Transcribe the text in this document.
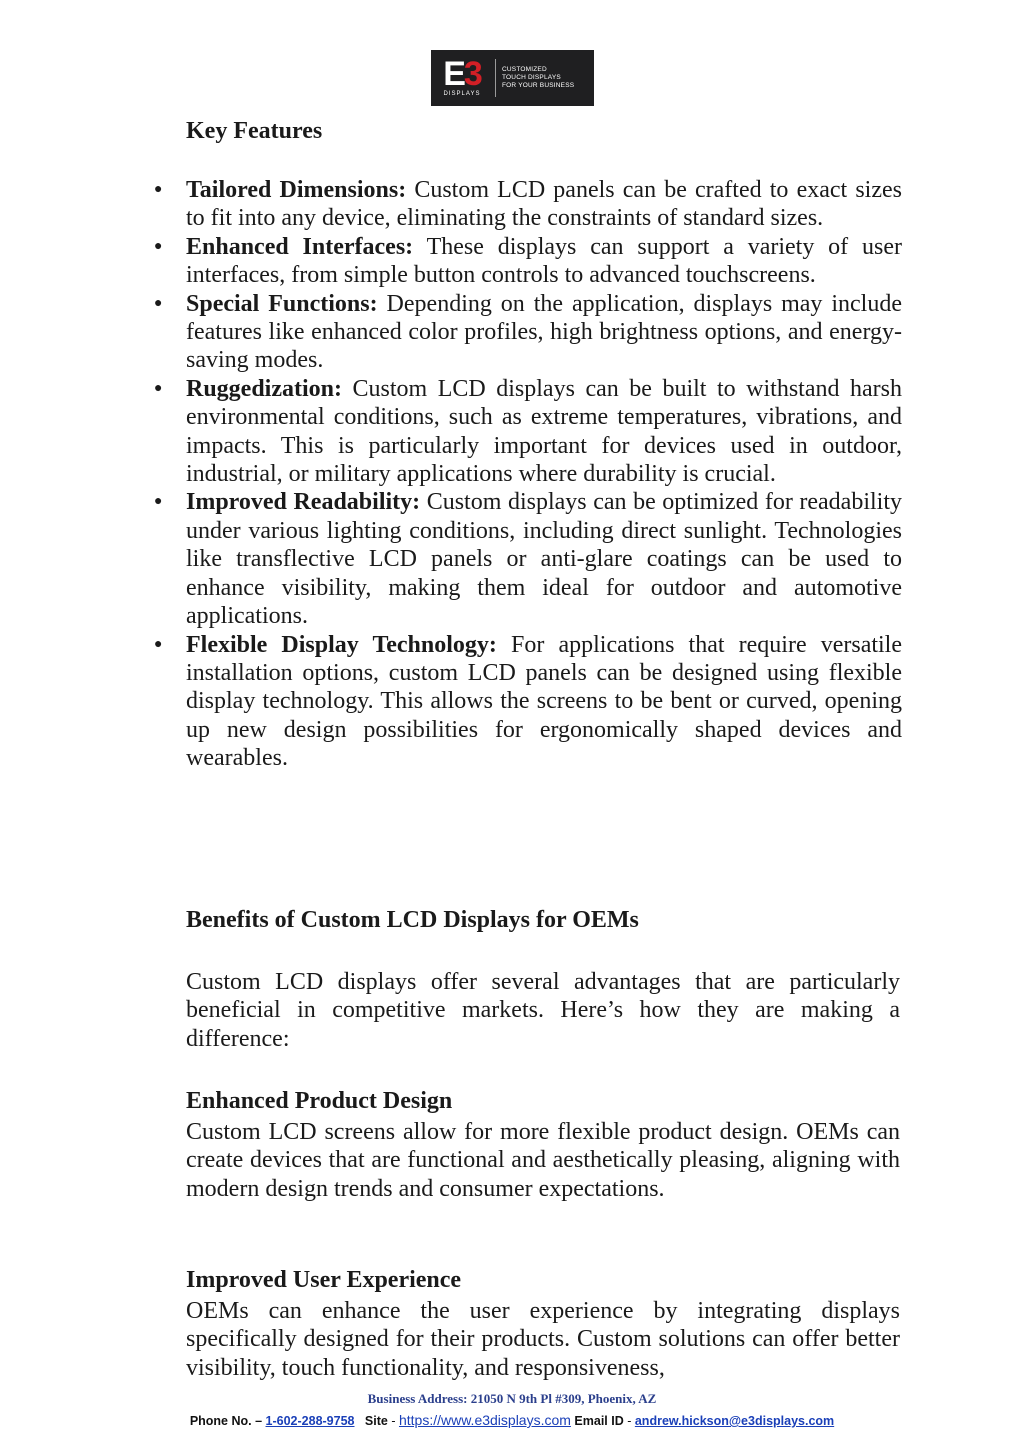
E3
DISPLAYS
CUSTOMIZED
TOUCH DISPLAYS
FOR YOUR BUSINESS
Key Features
● Tailored Dimensions: Custom LCD panels can be crafted to exact sizes to fit into any device, eliminating the constraints of standard sizes.
● Enhanced Interfaces: These displays can support a variety of user interfaces, from simple button controls to advanced touchscreens.
● Special Functions: Depending on the application, displays may include features like enhanced color profiles, high brightness options, and energy-saving modes.
● Ruggedization: Custom LCD displays can be built to withstand harsh environmental conditions, such as extreme temperatures, vibrations, and impacts. This is particularly important for devices used in outdoor, industrial, or military applications where durability is crucial.
● Improved Readability: Custom displays can be optimized for readability under various lighting conditions, including direct sunlight. Technologies like transflective LCD panels or anti-glare coatings can be used to enhance visibility, making them ideal for outdoor and automotive applications.
● Flexible Display Technology: For applications that require versatile installation options, custom LCD panels can be designed using flexible display technology. This allows the screens to be bent or curved, opening up new design possibilities for ergonomically shaped devices and wearables.
Benefits of Custom LCD Displays for OEMs

Custom LCD displays offer several advantages that are particularly beneficial in competitive markets. Here’s how they are making a difference:

Enhanced Product Design

Custom LCD screens allow for more flexible product design. OEMs can create devices that are functional and aesthetically pleasing, aligning with modern design trends and consumer expectations.

Improved User Experience

OEMs can enhance the user experience by integrating displays specifically designed for their products. Custom solutions can offer better visibility, touch functionality, and responsiveness,

Business Address: 21050 N 9th Pl #309, Phoenix, AZ
Phone No. – 1-602-288-9758 Site - https://www.e3displays.com Email ID - andrew.hickson@e3displays.com
